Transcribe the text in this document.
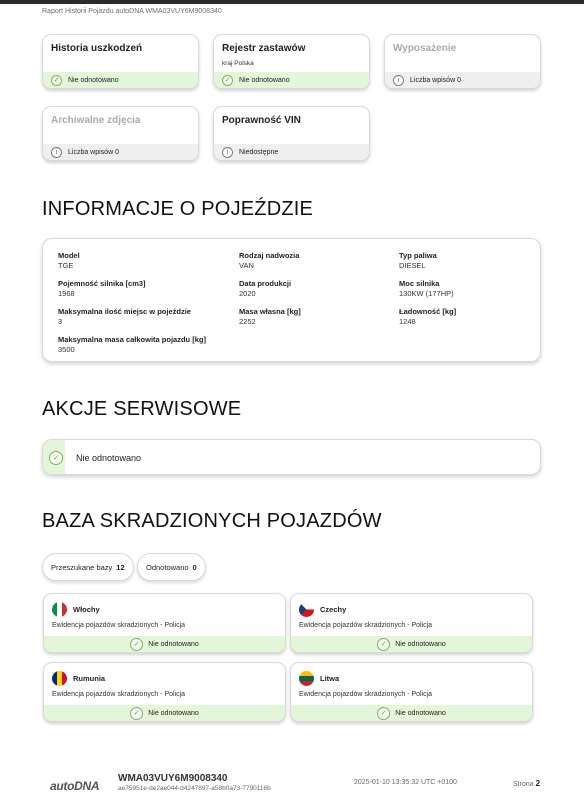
Raport Historii Pojazdu autoDNA WMA03VUY6M9008340
Historia uszkodzeń
✓	Nie odnotowano
Rejestr zastawów
kraj Polska
✓	Nie odnotowano
Wyposażenie
i	Liczba wpisów 0
Archiwalne zdjęcia
i	Liczba wpisów 0
Poprawność VIN
i	Niedostępne
INFORMACJE O POJEŹDZIE
Model
TGE
Rodzaj nadwozia
VAN
Typ paliwa
DIESEL
Pojemność silnika [cm3]
1968
Data produkcji
2020
Moc silnika
130KW (177HP)
Maksymalna ilość miejsc w pojeździe
3
Masa własna [kg]
2252
Ładowność [kg]
1248
Maksymalna masa całkowita pojazdu [kg]
3500
AKCJE SERWISOWE
✓	Nie odnotowano
BAZA SKRADZIONYCH POJAZDÓW
Przeszukane bazy 12	Odnotowano 0
Włochy
Ewidencja pojazdów skradzionych - Policja
✓	Nie odnotowano
Czechy
Ewidencja pojazdów skradzionych - Policja
✓	Nie odnotowano
Rumunia
Ewidencja pojazdów skradzionych - Policja
✓	Nie odnotowano
Litwa
Ewidencja pojazdów skradzionych - Policja
✓	Nie odnotowano
autoDNA
WMA03VUY6M9008340
ae75951e-de2ae044-d4247897-a58b0a73-7790116b
2025-01-10 13:35:32 UTC +0100	Strona 2
